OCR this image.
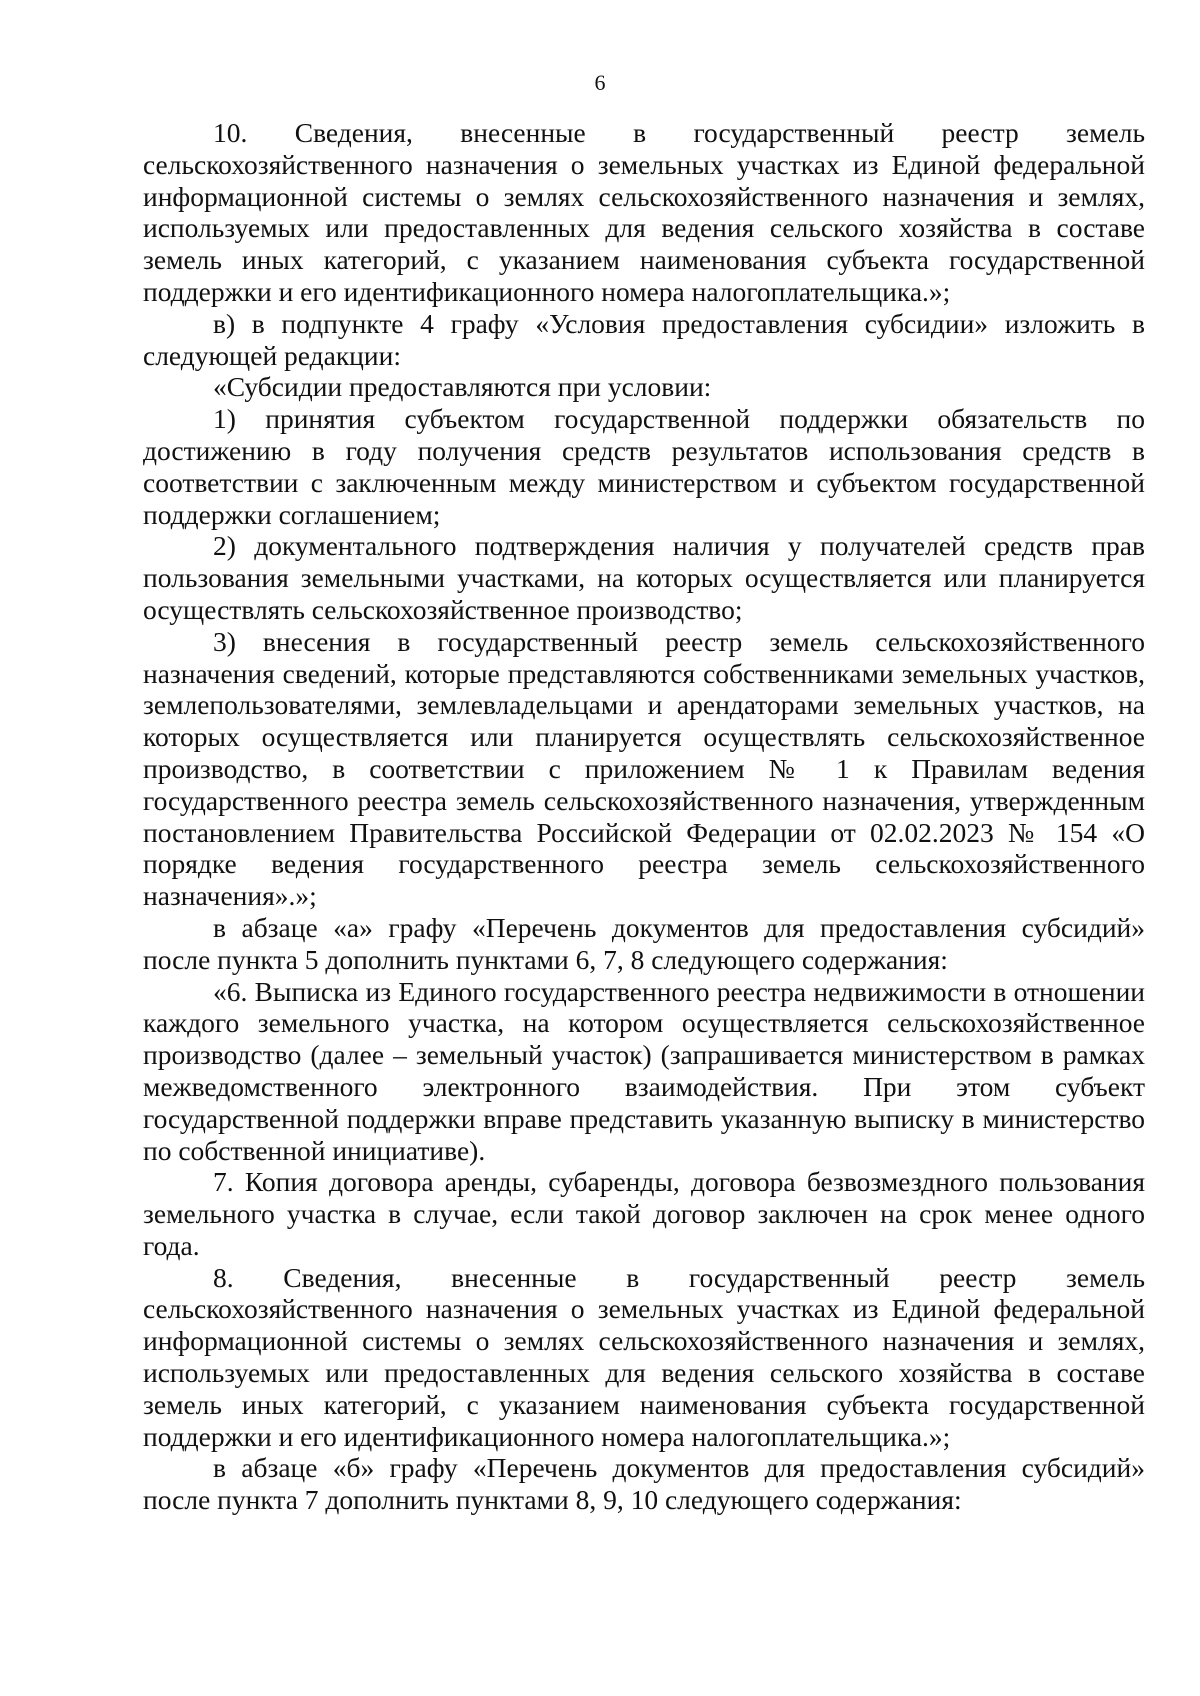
6

10. Сведения, внесенные в государственный реестр земель сельскохозяйственного назначения о земельных участках из Единой федеральной информационной системы о землях сельскохозяйственного назначения и землях, используемых или предоставленных для ведения сельского хозяйства в составе земель иных категорий, с указанием наименования субъекта государственной поддержки и его идентификационного номера налогоплательщика.»;

в) в подпункте 4 графу «Условия предоставления субсидии» изложить в следующей редакции:

«Субсидии предоставляются при условии:

1) принятия субъектом государственной поддержки обязательств по достижению в году получения средств результатов использования средств в соответствии с заключенным между министерством и субъектом государственной поддержки соглашением;

2) документального подтверждения наличия у получателей средств прав пользования земельными участками, на которых осуществляется или планируется осуществлять сельскохозяйственное производство;

3) внесения в государственный реестр земель сельскохозяйственного назначения сведений, которые представляются собственниками земельных участков, землепользователями, землевладельцами и арендаторами земельных участков, на которых осуществляется или планируется осуществлять сельскохозяйственное производство, в соответствии с приложением № 1 к Правилам ведения государственного реестра земель сельскохозяйственного назначения, утвержденным постановлением Правительства Российской Федерации от 02.02.2023 № 154 «О порядке ведения государственного реестра земель сельскохозяйственного назначения».»;

в абзаце «а» графу «Перечень документов для предоставления субсидий» после пункта 5 дополнить пунктами 6, 7, 8 следующего содержания:

«6. Выписка из Единого государственного реестра недвижимости в отношении каждого земельного участка, на котором осуществляется сельскохозяйственное производство (далее – земельный участок) (запрашивается министерством в рамках межведомственного электронного взаимодействия. При этом субъект государственной поддержки вправе представить указанную выписку в министерство по собственной инициативе).

7. Копия договора аренды, субаренды, договора безвозмездного пользования земельного участка в случае, если такой договор заключен на срок менее одного года.

8. Сведения, внесенные в государственный реестр земель сельскохозяйственного назначения о земельных участках из Единой федеральной информационной системы о землях сельскохозяйственного назначения и землях, используемых или предоставленных для ведения сельского хозяйства в составе земель иных категорий, с указанием наименования субъекта государственной поддержки и его идентификационного номера налогоплательщика.»;

в абзаце «б» графу «Перечень документов для предоставления субсидий» после пункта 7 дополнить пунктами 8, 9, 10 следующего содержания:
